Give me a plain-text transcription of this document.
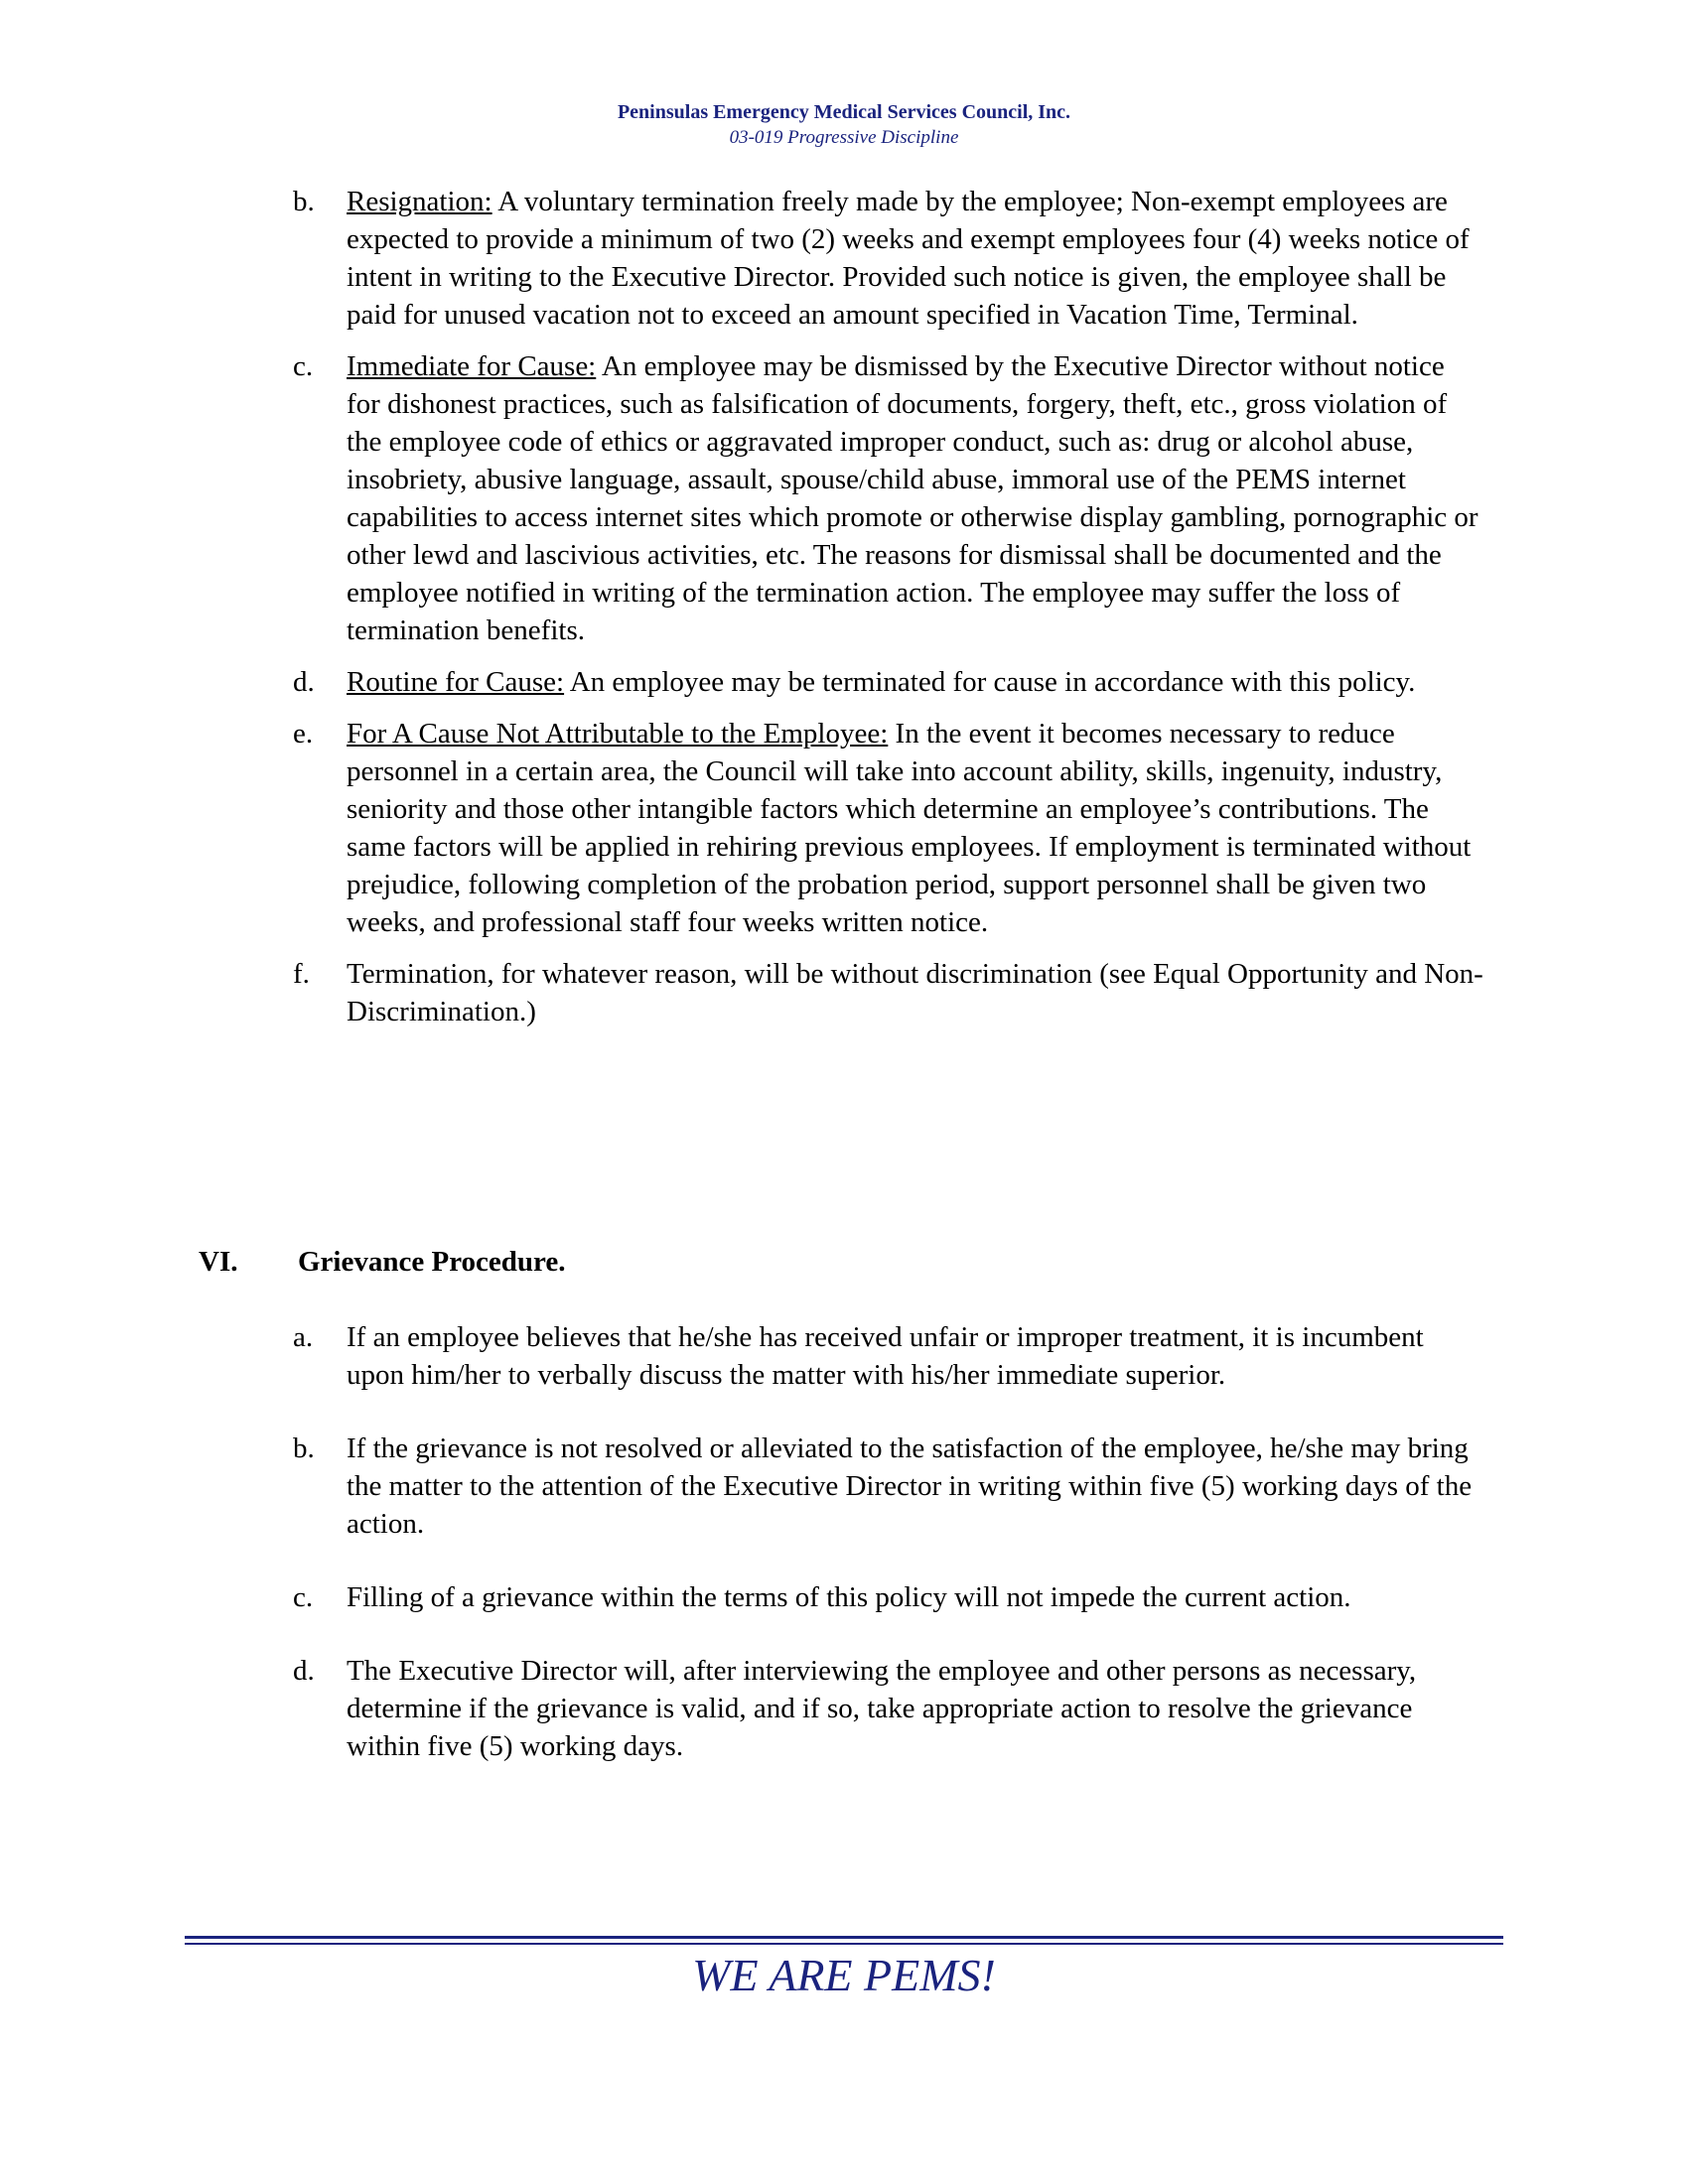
Peninsulas Emergency Medical Services Council, Inc.
03-019 Progressive Discipline
b. Resignation: A voluntary termination freely made by the employee; Non-exempt employees are expected to provide a minimum of two (2) weeks and exempt employees four (4) weeks notice of intent in writing to the Executive Director. Provided such notice is given, the employee shall be paid for unused vacation not to exceed an amount specified in Vacation Time, Terminal.
c. Immediate for Cause: An employee may be dismissed by the Executive Director without notice for dishonest practices, such as falsification of documents, forgery, theft, etc., gross violation of the employee code of ethics or aggravated improper conduct, such as: drug or alcohol abuse, insobriety, abusive language, assault, spouse/child abuse, immoral use of the PEMS internet capabilities to access internet sites which promote or otherwise display gambling, pornographic or other lewd and lascivious activities, etc. The reasons for dismissal shall be documented and the employee notified in writing of the termination action. The employee may suffer the loss of termination benefits.
d. Routine for Cause: An employee may be terminated for cause in accordance with this policy.
e. For A Cause Not Attributable to the Employee: In the event it becomes necessary to reduce personnel in a certain area, the Council will take into account ability, skills, ingenuity, industry, seniority and those other intangible factors which determine an employee’s contributions. The same factors will be applied in rehiring previous employees. If employment is terminated without prejudice, following completion of the probation period, support personnel shall be given two weeks, and professional staff four weeks written notice.
f. Termination, for whatever reason, will be without discrimination (see Equal Opportunity and Non-Discrimination.)
VI. Grievance Procedure.
a. If an employee believes that he/she has received unfair or improper treatment, it is incumbent upon him/her to verbally discuss the matter with his/her immediate superior.
b. If the grievance is not resolved or alleviated to the satisfaction of the employee, he/she may bring the matter to the attention of the Executive Director in writing within five (5) working days of the action.
c. Filling of a grievance within the terms of this policy will not impede the current action.
d. The Executive Director will, after interviewing the employee and other persons as necessary, determine if the grievance is valid, and if so, take appropriate action to resolve the grievance within five (5) working days.
WE ARE PEMS!
